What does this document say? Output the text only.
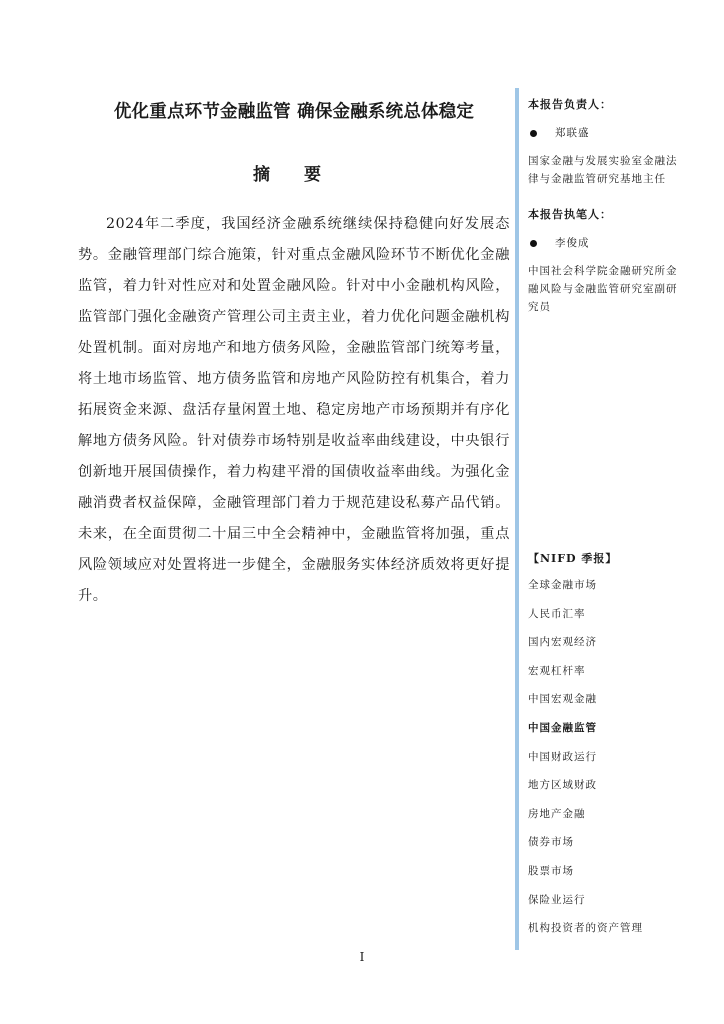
优化重点环节金融监管 确保金融系统总体稳定
摘 要

2024年二季度，我国经济金融系统继续保持稳健向好发展态势。金融管理部门综合施策，针对重点金融风险环节不断优化金融监管，着力针对性应对和处置金融风险。针对中小金融机构风险，监管部门强化金融资产管理公司主责主业，着力优化问题金融机构处置机制。面对房地产和地方债务风险，金融监管部门统筹考量，将土地市场监管、地方债务监管和房地产风险防控有机集合，着力拓展资金来源、盘活存量闲置土地、稳定房地产市场预期并有序化解地方债务风险。针对债券市场特别是收益率曲线建设，中央银行创新地开展国债操作，着力构建平滑的国债收益率曲线。为强化金融消费者权益保障，金融管理部门着力于规范建设私募产品代销。未来，在全面贯彻二十届三中全会精神中，金融监管将加强，重点风险领域应对处置将进一步健全，金融服务实体经济质效将更好提升。

本报告负责人：
郑联盛
国家金融与发展实验室金融法律与金融监管研究基地主任
本报告执笔人：
李俊成
中国社会科学院金融研究所金融风险与金融监管研究室副研究员
【NIFD 季报】
全球金融市场
人民币汇率
国内宏观经济
宏观杠杆率
中国宏观金融
中国金融监管
中国财政运行
地方区域财政
房地产金融
债券市场
股票市场
保险业运行
机构投资者的资产管理
I
